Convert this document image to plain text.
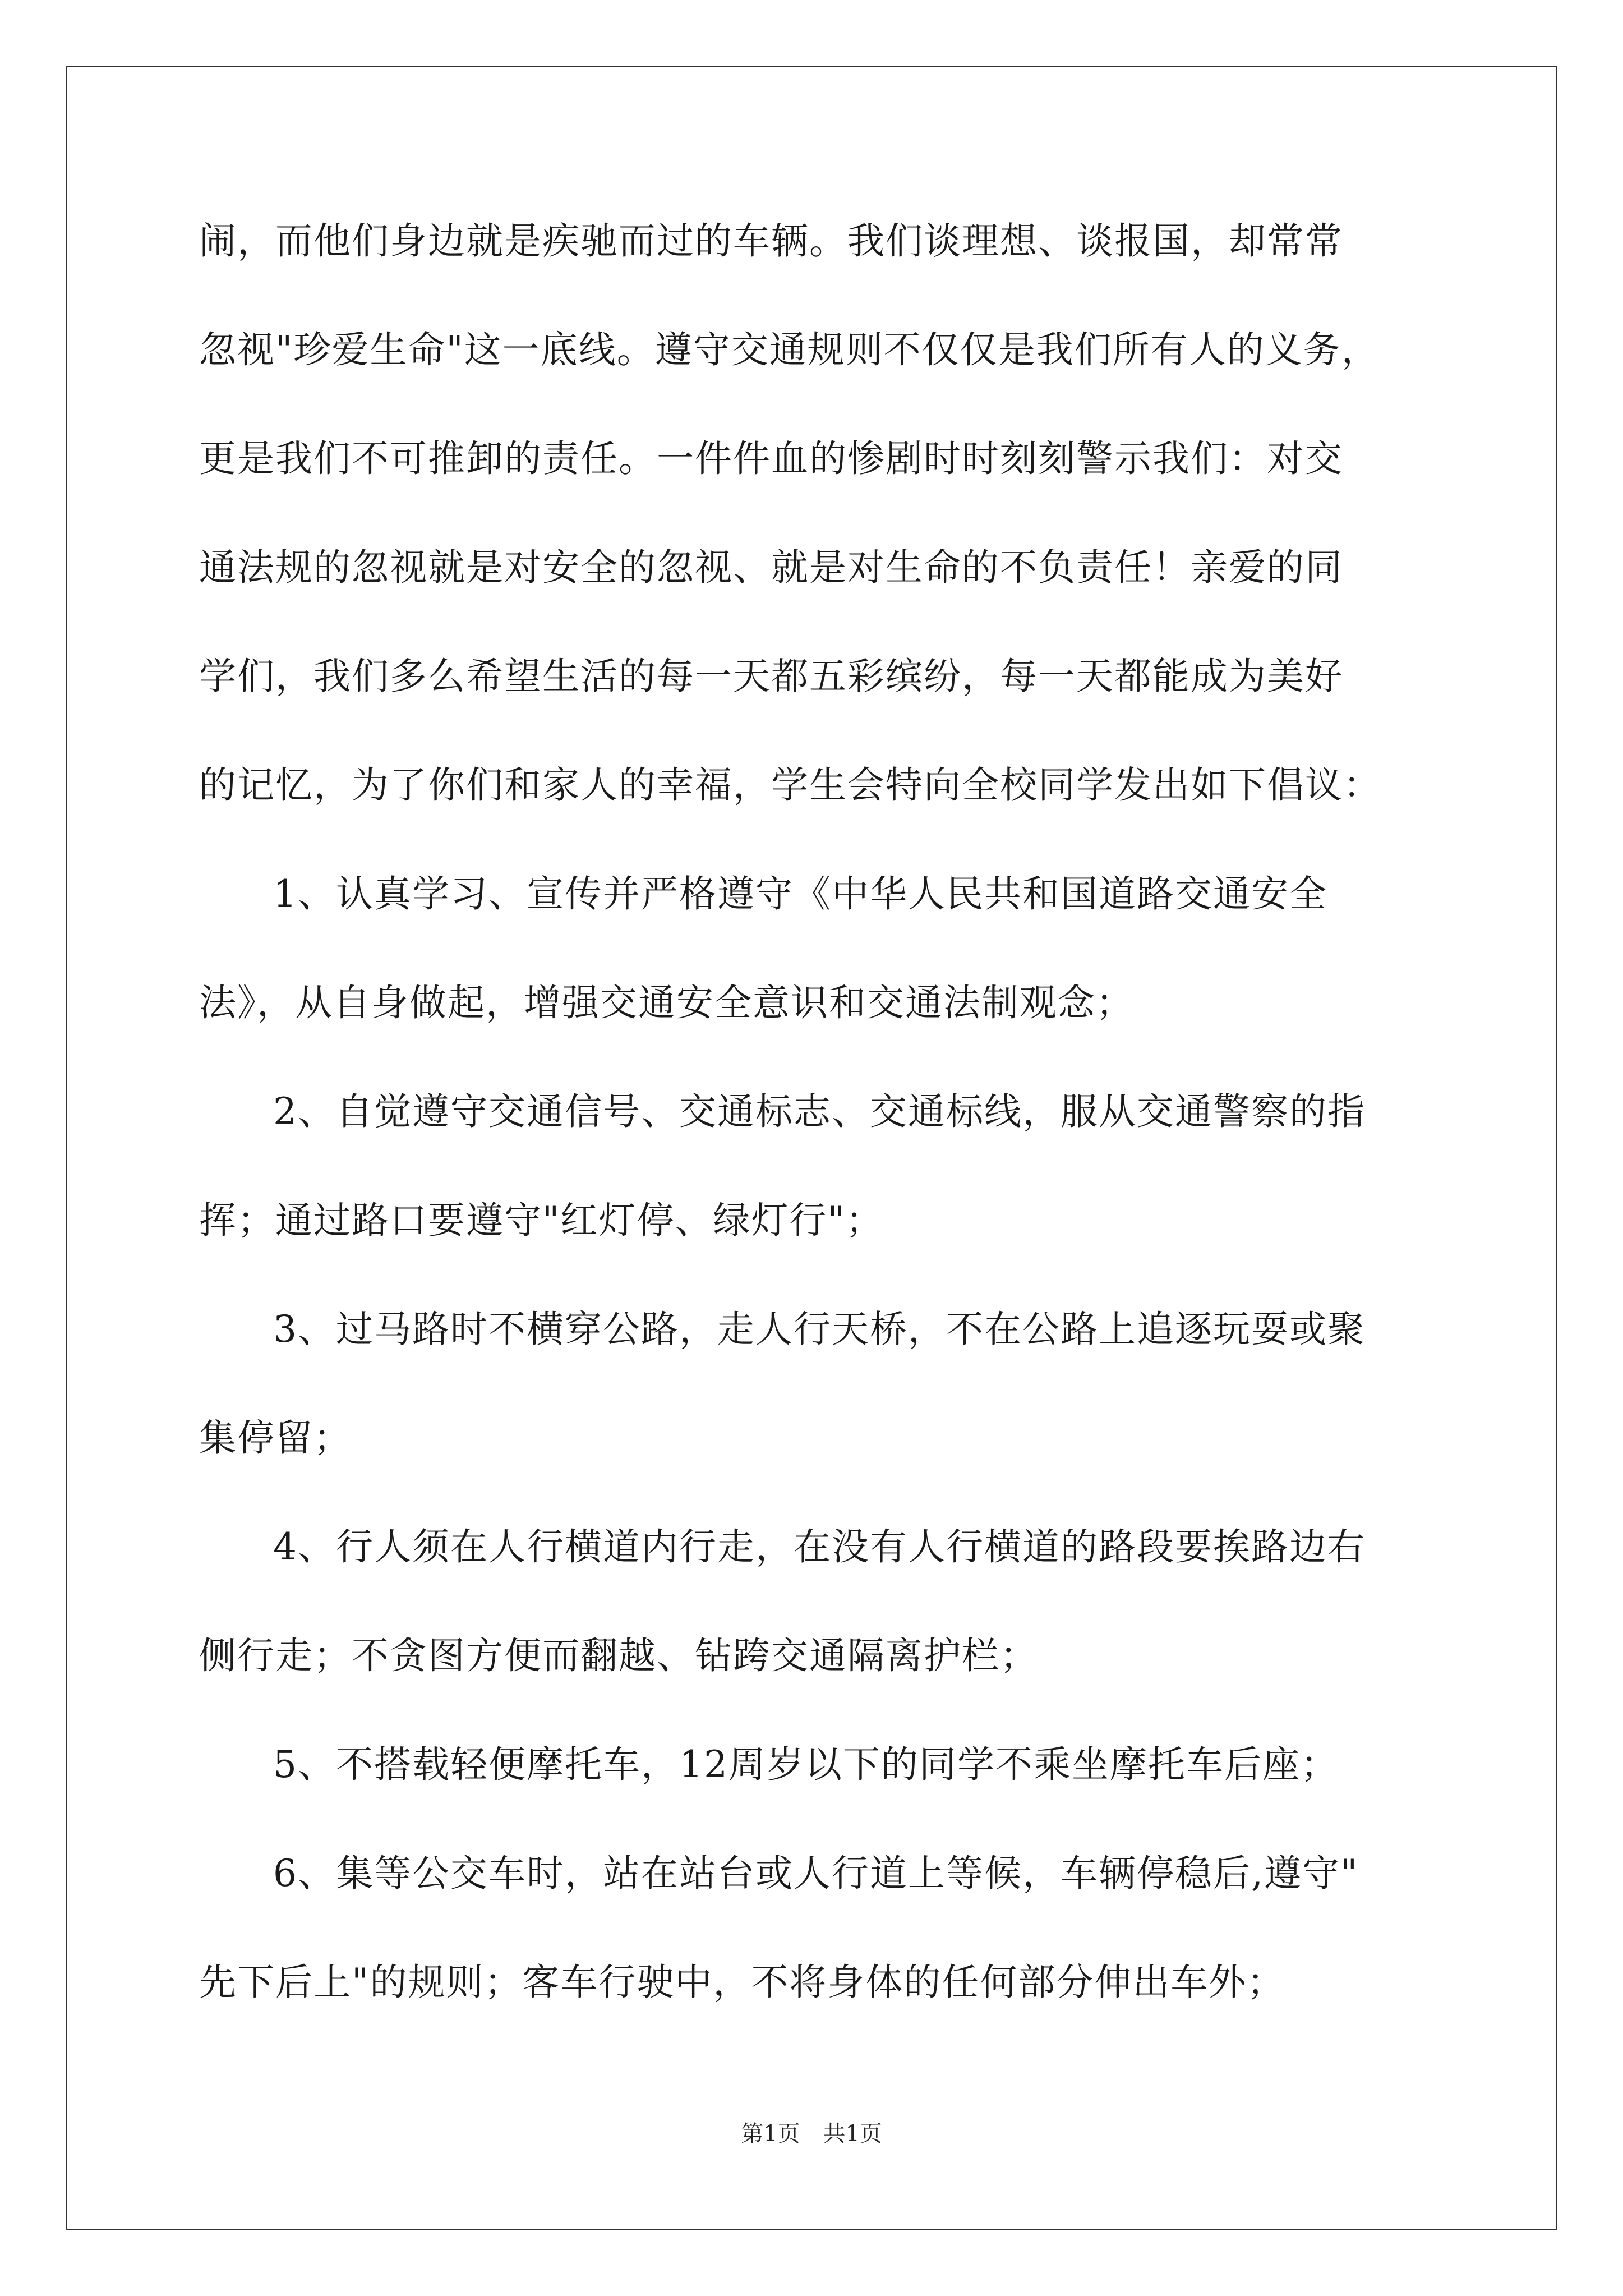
闹，而他们身边就是疾驰而过的车辆。我们谈理想、谈报国，却常常
忽视"珍爱生命"这一底线。遵守交通规则不仅仅是我们所有人的义务，
更是我们不可推卸的责任。一件件血的惨剧时时刻刻警示我们：对交
通法规的忽视就是对安全的忽视、就是对生命的不负责任！亲爱的同
学们，我们多么希望生活的每一天都五彩缤纷，每一天都能成为美好
的记忆，为了你们和家人的幸福，学生会特向全校同学发出如下倡议：
1、认真学习、宣传并严格遵守《中华人民共和国道路交通安全
法》，从自身做起，增强交通安全意识和交通法制观念；
2、自觉遵守交通信号、交通标志、交通标线，服从交通警察的指
挥；通过路口要遵守"红灯停、绿灯行"；
3、过马路时不横穿公路，走人行天桥，不在公路上追逐玩耍或聚
集停留；
4、行人须在人行横道内行走，在没有人行横道的路段要挨路边右
侧行走；不贪图方便而翻越、钻跨交通隔离护栏；
5、不搭载轻便摩托车，12周岁以下的同学不乘坐摩托车后座；
6、集等公交车时，站在站台或人行道上等候，车辆停稳后,遵守"
先下后上"的规则；客车行驶中，不将身体的任何部分伸出车外；
第1页 共1页
